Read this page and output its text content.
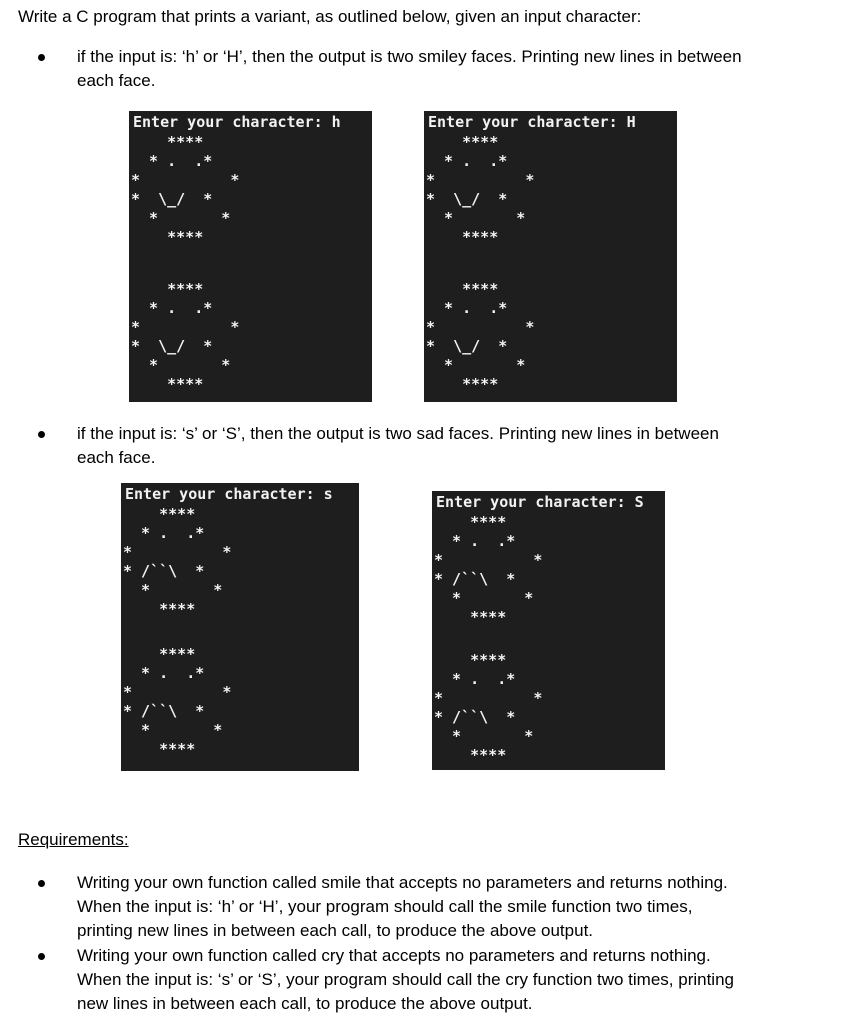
Write a C program that prints a variant, as outlined below, given an input character:

if the input is: ‘h’ or ‘H’, then the output is two smiley faces. Printing new lines in between
each face.
Enter your character: h
****
* .  .*
*          *
*  \_/  *
*       *
****
****
* .  .*
*          *
*  \_/  *
*       *
****
Enter your character: H
****
* .  .*
*          *
*  \_/  *
*       *
****
****
* .  .*
*          *
*  \_/  *
*       *
****
if the input is: ‘s’ or ‘S’, then the output is two sad faces. Printing new lines in between
each face.
Enter your character: s
****
* .  .*
*          *
* /``\  *
*       *
****
****
* .  .*
*          *
* /``\  *
*       *
****
Enter your character: S
****
* .  .*
*          *
* /``\  *
*       *
****
****
* .  .*
*          *
* /``\  *
*       *
****

Requirements:

Writing your own function called smile that accepts no parameters and returns nothing.
When the input is: ‘h’ or ‘H’, your program should call the smile function two times,
printing new lines in between each call, to produce the above output.
Writing your own function called cry that accepts no parameters and returns nothing.
When the input is: ‘s’ or ‘S’, your program should call the cry function two times, printing
new lines in between each call, to produce the above output.
